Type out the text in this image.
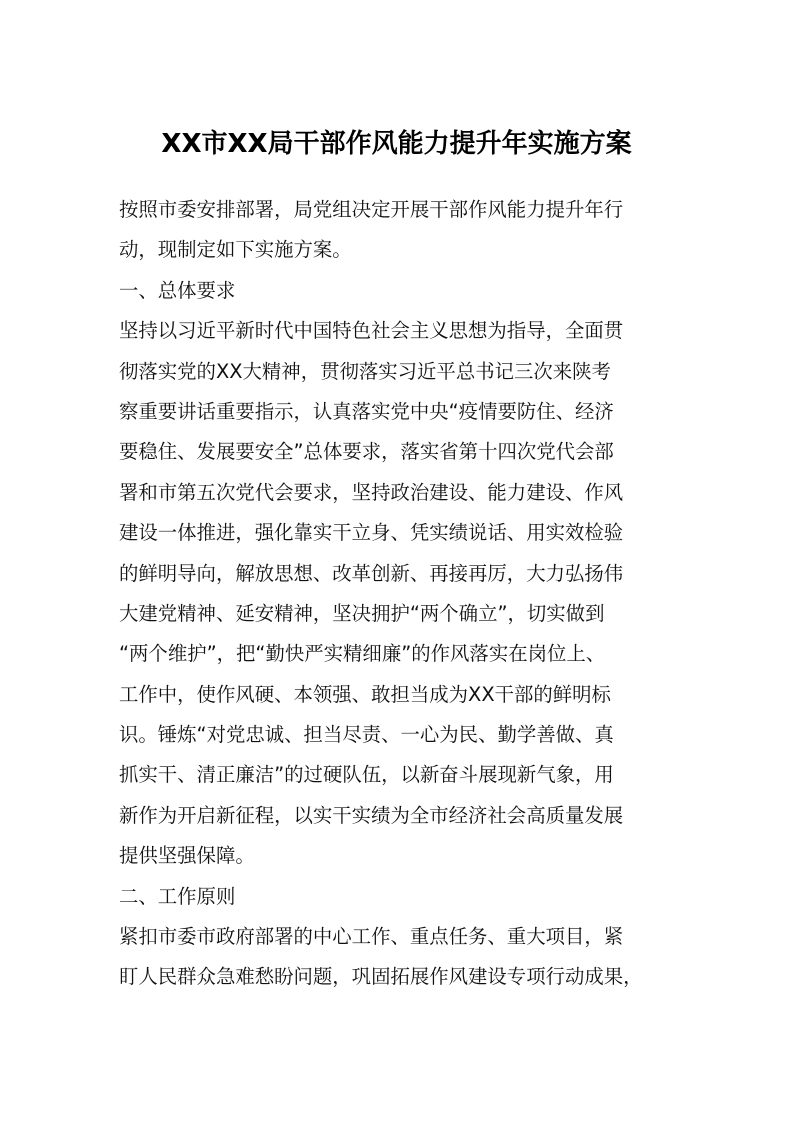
XX市XX局干部作风能力提升年实施方案

按照市委安排部署，局党组决定开展干部作风能力提升年行

动，现制定如下实施方案。

一、总体要求

坚持以习近平新时代中国特色社会主义思想为指导，全面贯

彻落实党的XX大精神，贯彻落实习近平总书记三次来陕考

察重要讲话重要指示，认真落实党中央“疫情要防住、经济

要稳住、发展要安全”总体要求，落实省第十四次党代会部

署和市第五次党代会要求，坚持政治建设、能力建设、作风

建设一体推进，强化靠实干立身、凭实绩说话、用实效检验

的鲜明导向，解放思想、改革创新、再接再厉，大力弘扬伟

大建党精神、延安精神，坚决拥护“两个确立”，切实做到

“两个维护”，把“勤快严实精细廉”的作风落实在岗位上、

工作中，使作风硬、本领强、敢担当成为XX干部的鲜明标

识。锤炼“对党忠诚、担当尽责、一心为民、勤学善做、真

抓实干、清正廉洁”的过硬队伍，以新奋斗展现新气象，用

新作为开启新征程，以实干实绩为全市经济社会高质量发展

提供坚强保障。

二、工作原则

紧扣市委市政府部署的中心工作、重点任务、重大项目，紧

盯人民群众急难愁盼问题，巩固拓展作风建设专项行动成果，
